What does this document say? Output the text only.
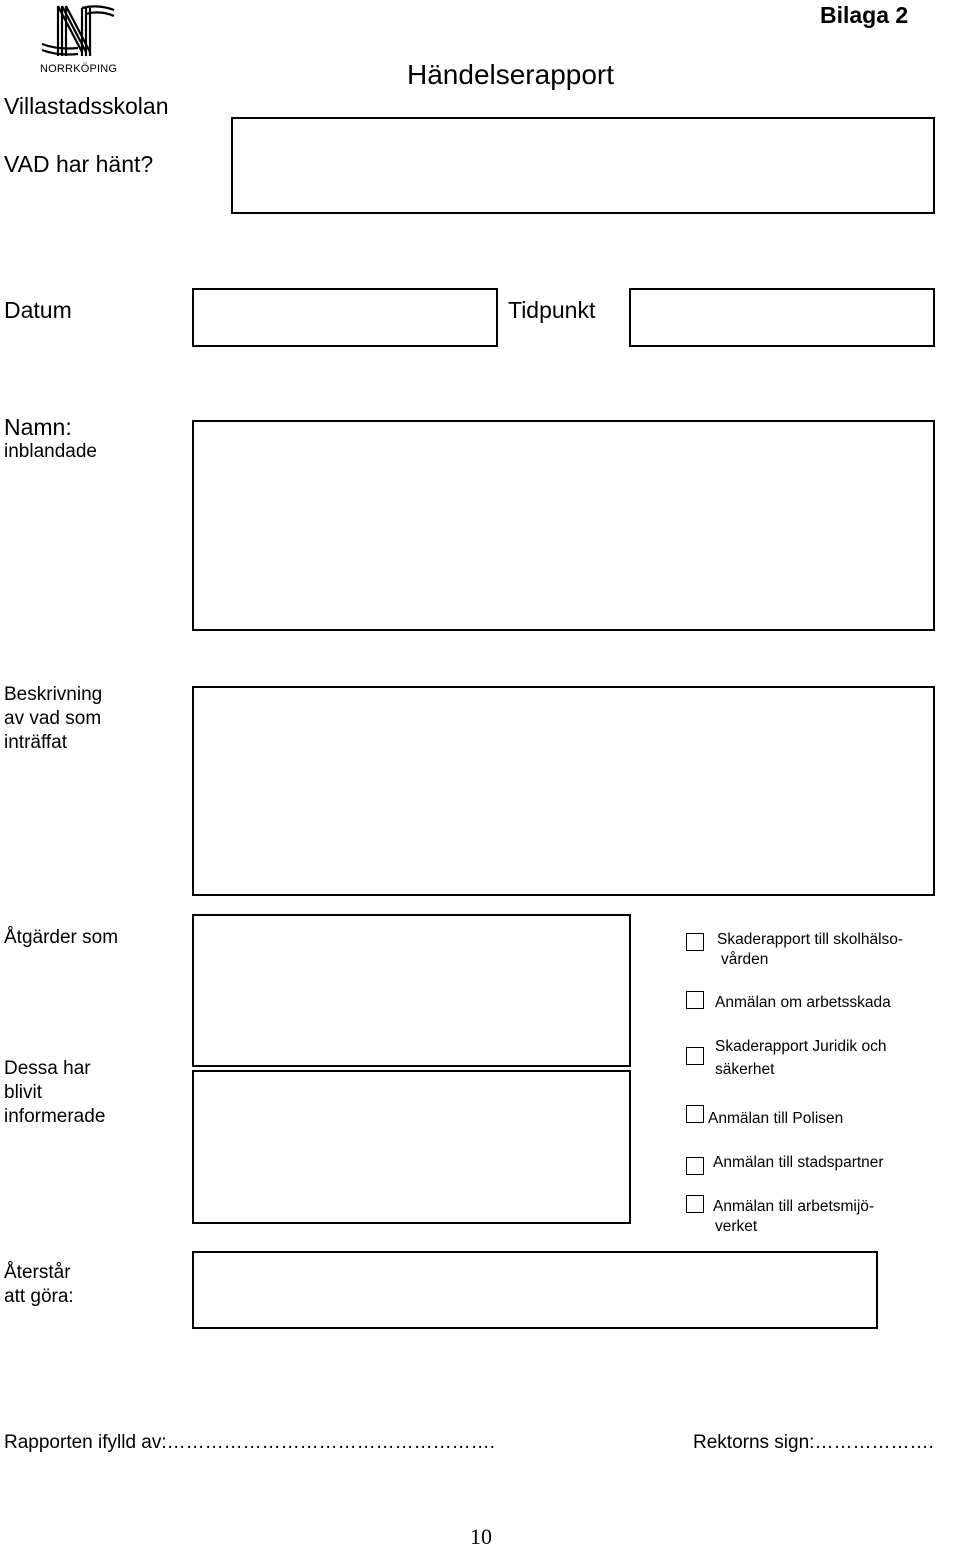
NORRKÖPING
Bilaga 2
Villastadsskolan
Händelserapport
VAD har hänt?
Datum	Tidpunkt
Namn:
inblandade
Beskrivning
av vad som
inträffat
Åtgärder som
Dessa har
blivit
informerade
Skaderapport till skolhälso-
vården
Anmälan om arbetsskada
Skaderapport Juridik och
säkerhet
Anmälan till Polisen
Anmälan till stadspartner
Anmälan till arbetsmijö-
verket
Återstår
att göra:
Rapporten ifylld av:…………………………………………….	Rektorns sign:……………….
10
